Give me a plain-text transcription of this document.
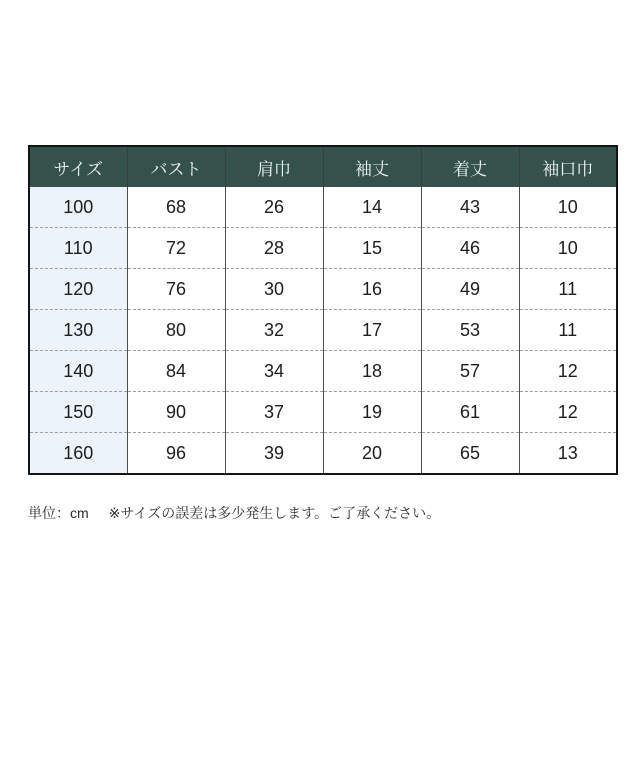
サイズ	バスト	肩巾	袖丈	着丈	袖口巾
100	68	26	14	43	10
110	72	28	15	46	10
120	76	30	16	49	11
130	80	32	17	53	11
140	84	34	18	57	12
150	90	37	19	61	12
160	96	39	20	65	13

単位：cm ※サイズの誤差は多少発生します。ご了承ください。
